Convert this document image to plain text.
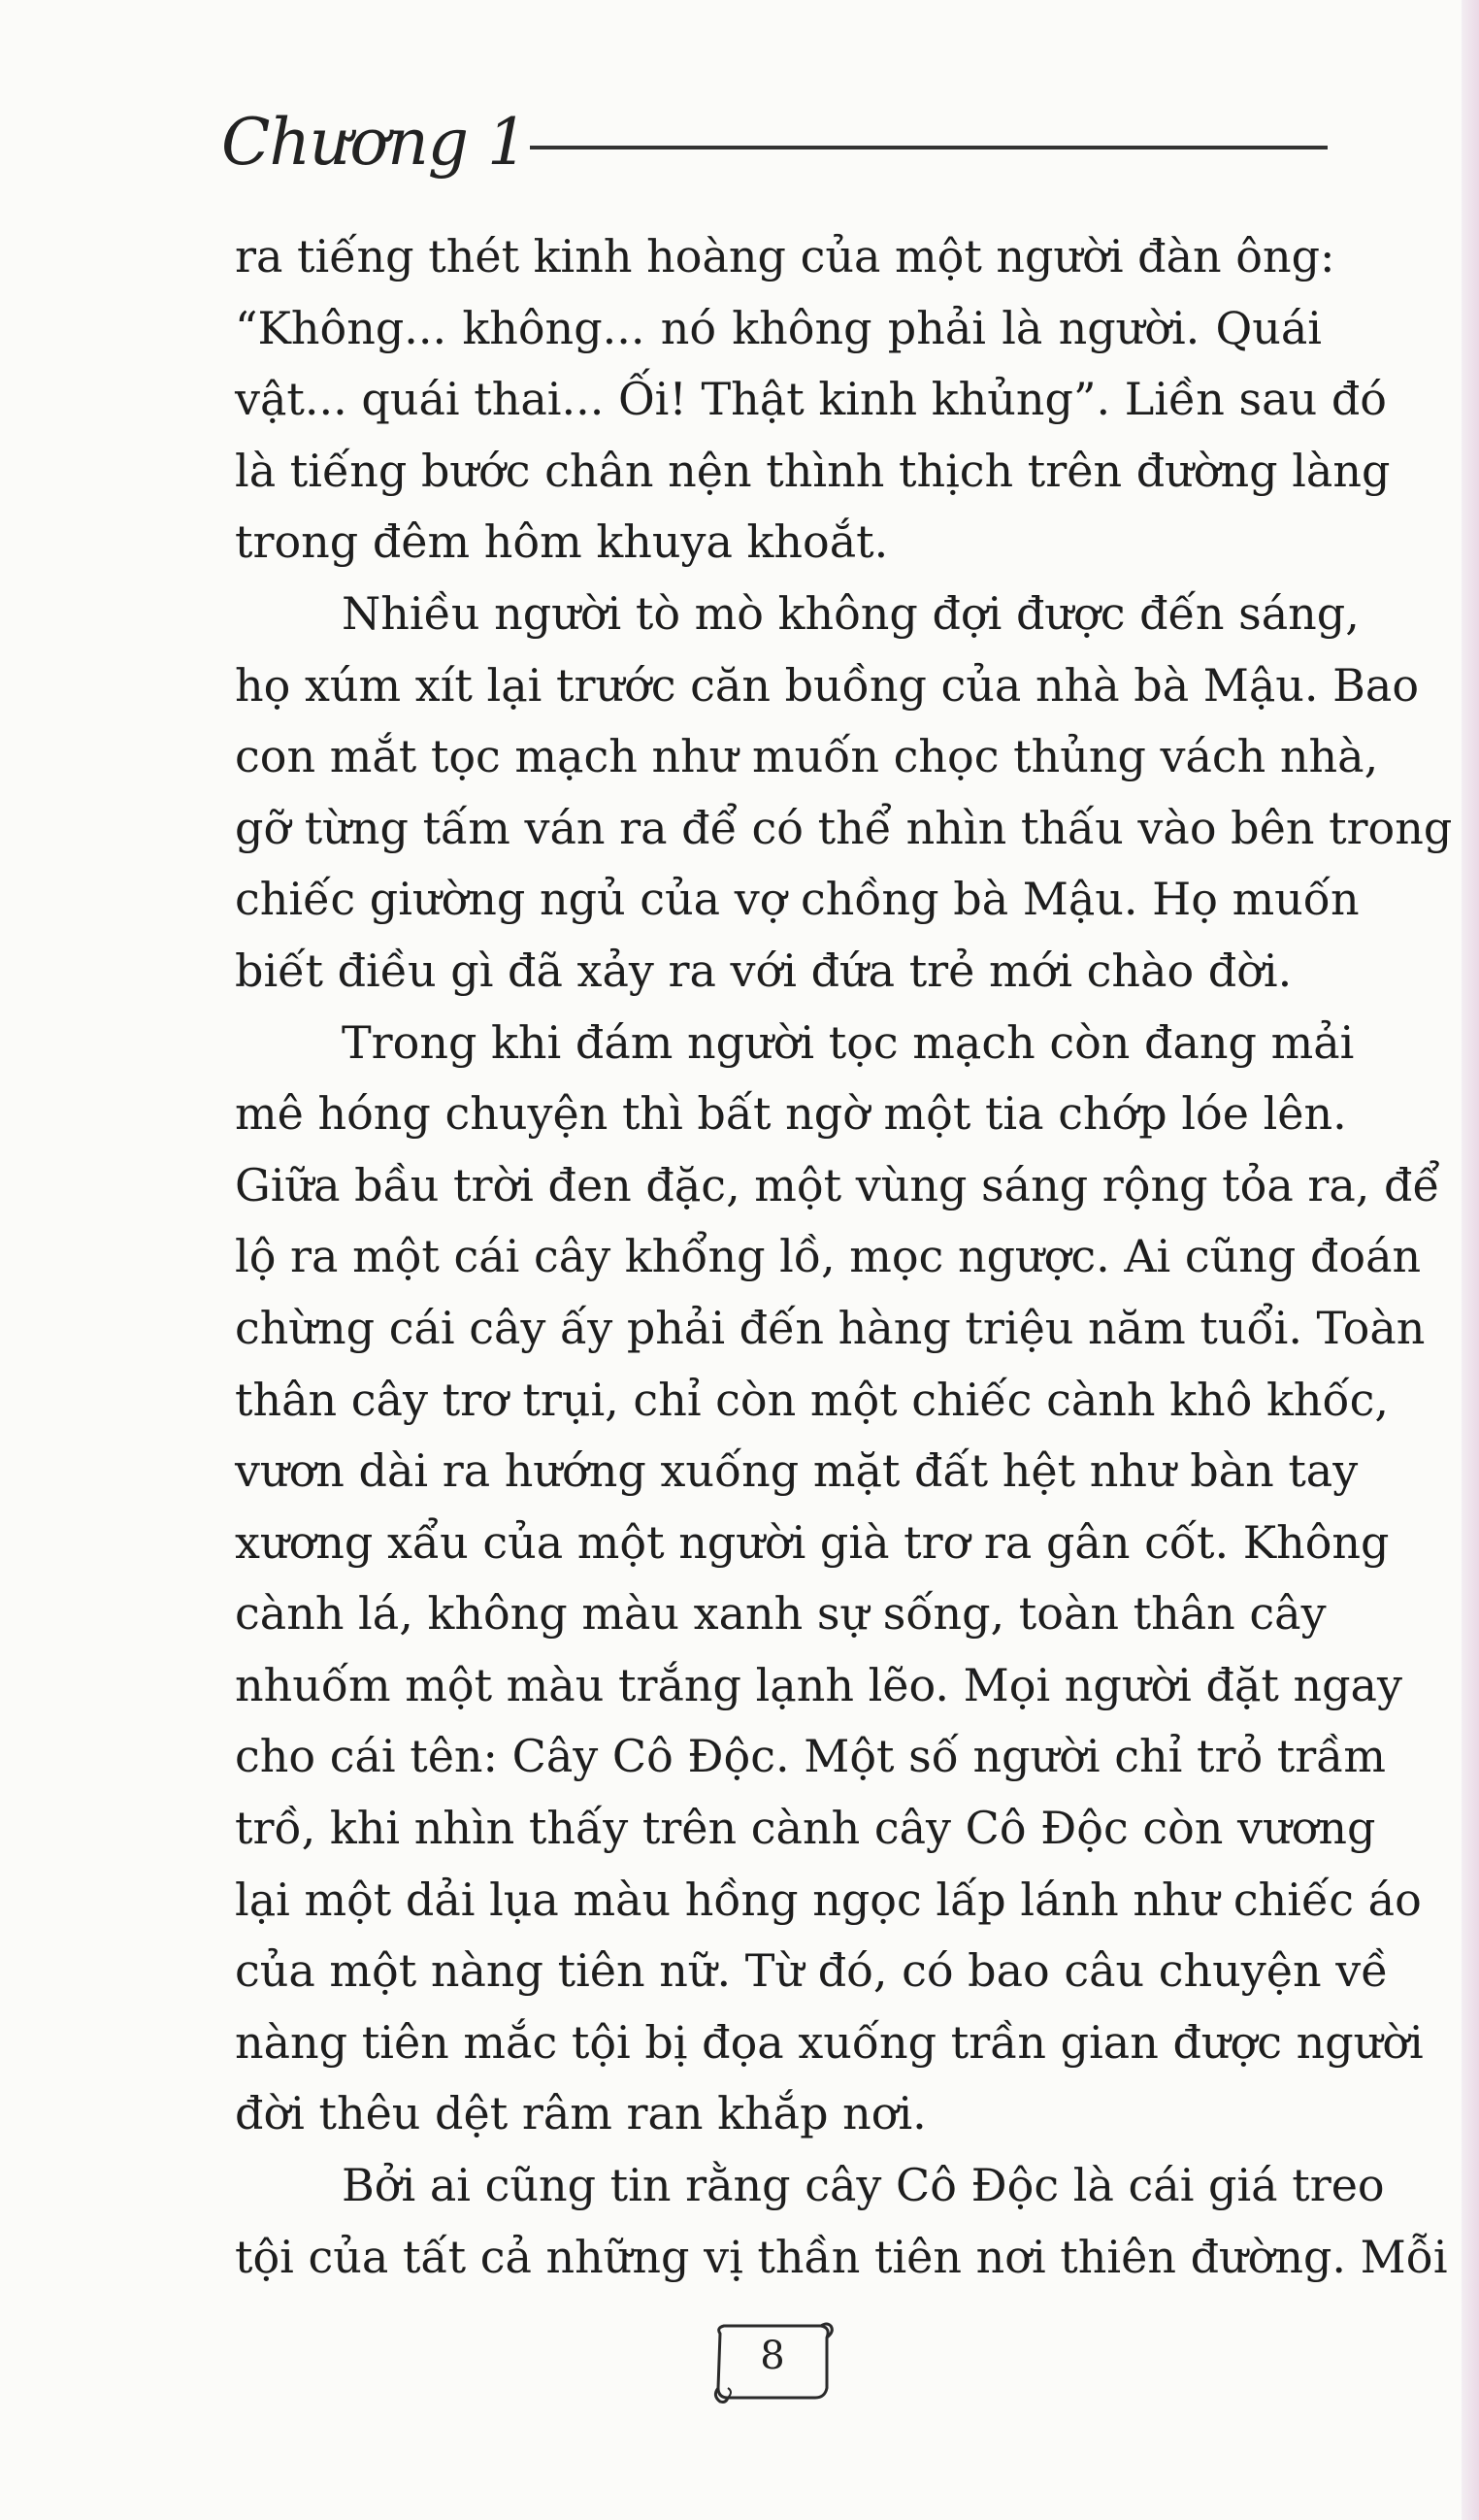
Chương 1
ra tiếng thét kinh hoàng của một người đàn ông:
“Không... không... nó không phải là người. Quái
vật... quái thai... Ối! Thật kinh khủng”. Liền sau đó
là tiếng bước chân nện thình thịch trên đường làng
trong đêm hôm khuya khoắt.
Nhiều người tò mò không đợi được đến sáng,
họ xúm xít lại trước căn buồng của nhà bà Mậu. Bao
con mắt tọc mạch như muốn chọc thủng vách nhà,
gỡ từng tấm ván ra để có thể nhìn thấu vào bên trong
chiếc giường ngủ của vợ chồng bà Mậu. Họ muốn
biết điều gì đã xảy ra với đứa trẻ mới chào đời.
Trong khi đám người tọc mạch còn đang mải
mê hóng chuyện thì bất ngờ một tia chớp lóe lên.
Giữa bầu trời đen đặc, một vùng sáng rộng tỏa ra, để
lộ ra một cái cây khổng lồ, mọc ngược. Ai cũng đoán
chừng cái cây ấy phải đến hàng triệu năm tuổi. Toàn
thân cây trơ trụi, chỉ còn một chiếc cành khô khốc,
vươn dài ra hướng xuống mặt đất hệt như bàn tay
xương xẩu của một người già trơ ra gân cốt. Không
cành lá, không màu xanh sự sống, toàn thân cây
nhuốm một màu trắng lạnh lẽo. Mọi người đặt ngay
cho cái tên: Cây Cô Độc. Một số người chỉ trỏ trầm
trồ, khi nhìn thấy trên cành cây Cô Độc còn vương
lại một dải lụa màu hồng ngọc lấp lánh như chiếc áo
của một nàng tiên nữ. Từ đó, có bao câu chuyện về
nàng tiên mắc tội bị đọa xuống trần gian được người
đời thêu dệt râm ran khắp nơi.
Bởi ai cũng tin rằng cây Cô Độc là cái giá treo
tội của tất cả những vị thần tiên nơi thiên đường. Mỗi
8
